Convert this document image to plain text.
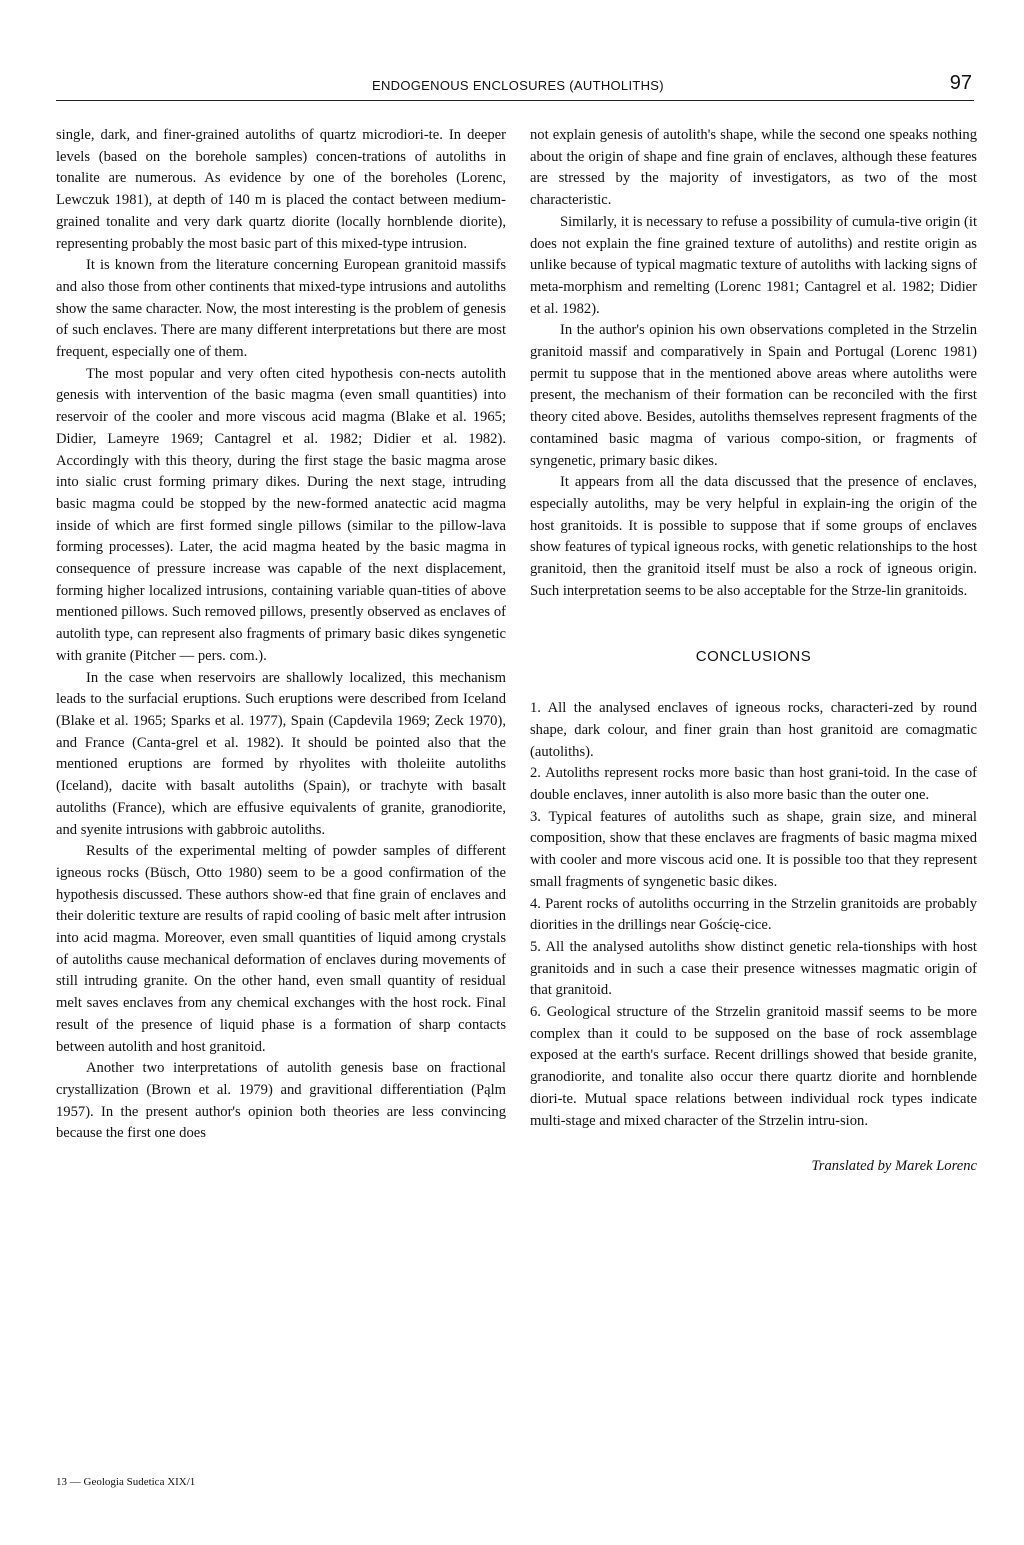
ENDOGENOUS ENCLOSURES (AUTHOLITHS)	97

single, dark, and finer-grained autoliths of quartz microdiori-te. In deeper levels (based on the borehole samples) concen-trations of autoliths in tonalite are numerous. As evidence by one of the boreholes (Lorenc, Lewczuk 1981), at depth of 140 m is placed the contact between medium-grained tonalite and very dark quartz diorite (locally hornblende diorite), representing probably the most basic part of this mixed-type intrusion.

It is known from the literature concerning European granitoid massifs and also those from other continents that mixed-type intrusions and autoliths show the same character. Now, the most interesting is the problem of genesis of such enclaves. There are many different interpretations but there are most frequent, especially one of them.

The most popular and very often cited hypothesis con-nects autolith genesis with intervention of the basic magma (even small quantities) into reservoir of the cooler and more viscous acid magma (Blake et al. 1965; Didier, Lameyre 1969; Cantagrel et al. 1982; Didier et al. 1982). Accordingly with this theory, during the first stage the basic magma arose into sialic crust forming primary dikes. During the next stage, intruding basic magma could be stopped by the new-formed anatectic acid magma inside of which are first formed single pillows (similar to the pillow-lava forming processes). Later, the acid magma heated by the basic magma in consequence of pressure increase was capable of the next displacement, forming higher localized intrusions, containing variable quan-tities of above mentioned pillows. Such removed pillows, presently observed as enclaves of autolith type, can represent also fragments of primary basic dikes syngenetic with granite (Pitcher — pers. com.).

In the case when reservoirs are shallowly localized, this mechanism leads to the surfacial eruptions. Such eruptions were described from Iceland (Blake et al. 1965; Sparks et al. 1977), Spain (Capdevila 1969; Zeck 1970), and France (Canta-grel et al. 1982). It should be pointed also that the mentioned eruptions are formed by rhyolites with tholeiite autoliths (Iceland), dacite with basalt autoliths (Spain), or trachyte with basalt autoliths (France), which are effusive equivalents of granite, granodiorite, and syenite intrusions with gabbroic autoliths.

Results of the experimental melting of powder samples of different igneous rocks (Büsch, Otto 1980) seem to be a good confirmation of the hypothesis discussed. These authors show-ed that fine grain of enclaves and their doleritic texture are results of rapid cooling of basic melt after intrusion into acid magma. Moreover, even small quantities of liquid among crystals of autoliths cause mechanical deformation of enclaves during movements of still intruding granite. On the other hand, even small quantity of residual melt saves enclaves from any chemical exchanges with the host rock. Final result of the presence of liquid phase is a formation of sharp contacts between autolith and host granitoid.

Another two interpretations of autolith genesis base on fractional crystallization (Brown et al. 1979) and gravitional differentiation (Pąlm 1957). In the present author's opinion both theories are less convincing because the first one does

not explain genesis of autolith's shape, while the second one speaks nothing about the origin of shape and fine grain of enclaves, although these features are stressed by the majority of investigators, as two of the most characteristic.

Similarly, it is necessary to refuse a possibility of cumula-tive origin (it does not explain the fine grained texture of autoliths) and restite origin as unlike because of typical magmatic texture of autoliths with lacking signs of meta-morphism and remelting (Lorenc 1981; Cantagrel et al. 1982; Didier et al. 1982).

In the author's opinion his own observations completed in the Strzelin granitoid massif and comparatively in Spain and Portugal (Lorenc 1981) permit tu suppose that in the mentioned above areas where autoliths were present, the mechanism of their formation can be reconciled with the first theory cited above. Besides, autoliths themselves represent fragments of the contamined basic magma of various compo-sition, or fragments of syngenetic, primary basic dikes.

It appears from all the data discussed that the presence of enclaves, especially autoliths, may be very helpful in explain-ing the origin of the host granitoids. It is possible to suppose that if some groups of enclaves show features of typical igneous rocks, with genetic relationships to the host granitoid, then the granitoid itself must be also a rock of igneous origin. Such interpretation seems to be also acceptable for the Strze-lin granitoids.

CONCLUSIONS

1. All the analysed enclaves of igneous rocks, characteri-zed by round shape, dark colour, and finer grain than host granitoid are comagmatic (autoliths).

2. Autoliths represent rocks more basic than host grani-toid. In the case of double enclaves, inner autolith is also more basic than the outer one.

3. Typical features of autoliths such as shape, grain size, and mineral composition, show that these enclaves are fragments of basic magma mixed with cooler and more viscous acid one. It is possible too that they represent small fragments of syngenetic basic dikes.

4. Parent rocks of autoliths occurring in the Strzelin granitoids are probably diorities in the drillings near Gościę-cice.

5. All the analysed autoliths show distinct genetic rela-tionships with host granitoids and in such a case their presence witnesses magmatic origin of that granitoid.

6. Geological structure of the Strzelin granitoid massif seems to be more complex than it could to be supposed on the base of rock assemblage exposed at the earth's surface. Recent drillings showed that beside granite, granodiorite, and tonalite also occur there quartz diorite and hornblende diori-te. Mutual space relations between individual rock types indicate multi-stage and mixed character of the Strzelin intru-sion.

Translated by Marek Lorenc
13 — Geologia Sudetica XIX/1
